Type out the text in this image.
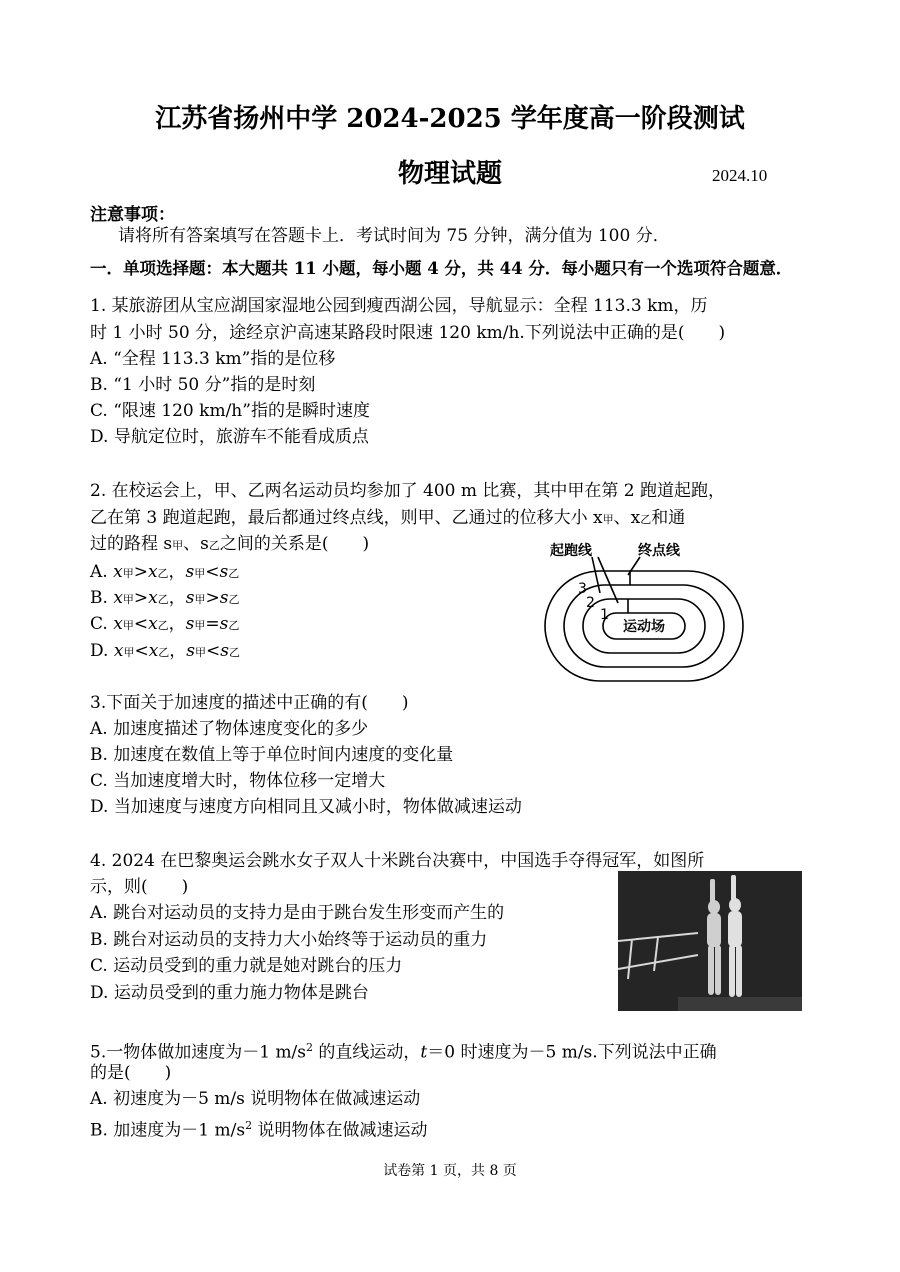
江苏省扬州中学 2024-2025 学年度高一阶段测试
物理试题	2024.10
注意事项：
请将所有答案填写在答题卡上．考试时间为 75 分钟，满分值为 100 分．
一．单项选择题：本大题共 11 小题，每小题 4 分，共 44 分．每小题只有一个选项符合题意．
1. 某旅游团从宝应湖国家湿地公园到瘦西湖公园，导航显示：全程 113.3 km，历
时 1 小时 50 分，途经京沪高速某路段时限速 120 km/h.下列说法中正确的是(　　)
A. “全程 113.3 km”指的是位移
B. “1 小时 50 分”指的是时刻
C. “限速 120 km/h”指的是瞬时速度
D. 导航定位时，旅游车不能看成质点
2. 在校运会上，甲、乙两名运动员均参加了 400 m 比赛，其中甲在第 2 跑道起跑，
乙在第 3 跑道起跑，最后都通过终点线，则甲、乙通过的位移大小 x甲、x乙和通
过的路程 s甲、s乙之间的关系是(　　)
A. x甲>x乙，s甲<s乙
B. x甲>x乙，s甲>s乙
C. x甲<x乙，s甲=s乙
D. x甲<x乙，s甲<s乙
起跑线	终点线
3
2
1
运动场
3.下面关于加速度的描述中正确的有(　　)
A. 加速度描述了物体速度变化的多少
B. 加速度在数值上等于单位时间内速度的变化量
C. 当加速度增大时，物体位移一定增大
D. 当加速度与速度方向相同且又减小时，物体做减速运动
4. 2024 在巴黎奥运会跳水女子双人十米跳台决赛中，中国选手夺得冠军，如图所
示，则(　　)
A. 跳台对运动员的支持力是由于跳台发生形变而产生的
B. 跳台对运动员的支持力大小始终等于运动员的重力
C. 运动员受到的重力就是她对跳台的压力
D. 运动员受到的重力施力物体是跳台
5.一物体做加速度为－1 $m/s^2$ 的直线运动，t＝0 时速度为－5 m/s.下列说法中正确
的是(　　)
A. 初速度为－5 m/s 说明物体在做减速运动
B. 加速度为－1 $m/s^2$ 说明物体在做减速运动
试卷第 1 页，共 8 页
